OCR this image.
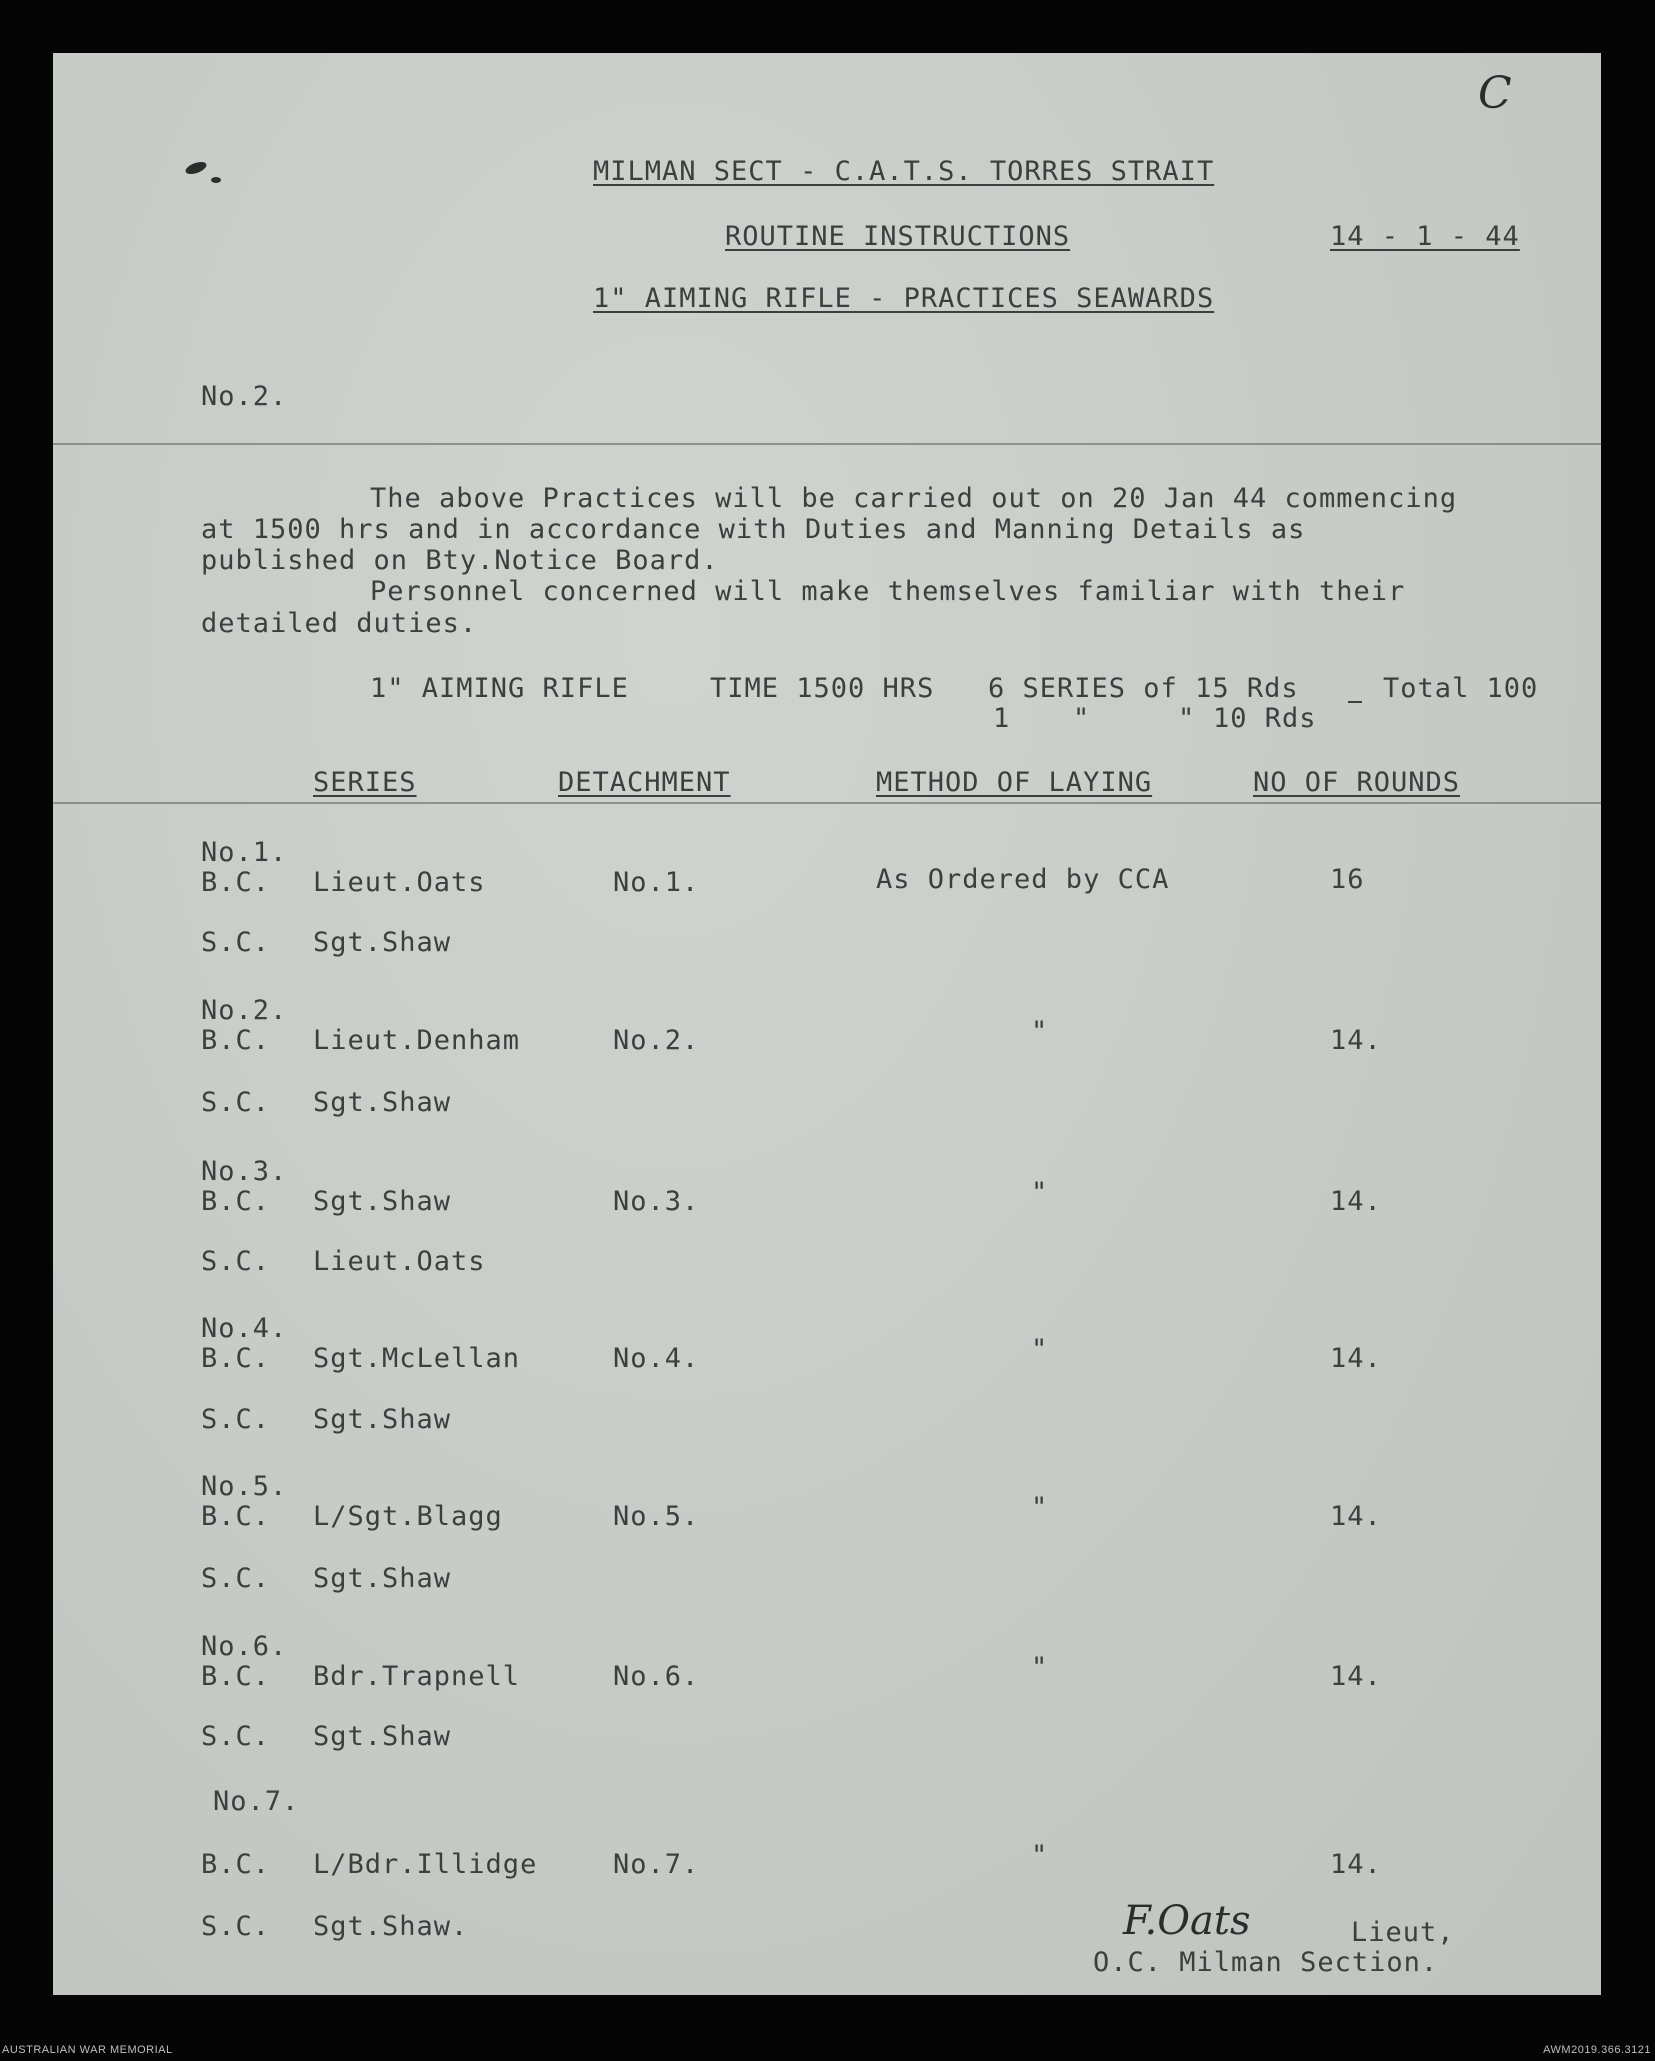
C
MILMAN SECT - C.A.T.S. TORRES STRAIT
ROUTINE INSTRUCTIONS	14 - 1 - 44
1" AIMING RIFLE - PRACTICES SEAWARDS
No.2.
The above Practices will be carried out on 20 Jan 44 commencing
at 1500 hrs and in accordance with Duties and Manning Details as
published on Bty.Notice Board.
Personnel concerned will make themselves familiar with their
detailed duties.
1" AIMING RIFLE	TIME 1500 HRS 6 SERIES of 15 Rds	Total 100
1 "	" 10 Rds
SERIES	DETACHMENT	METHOD OF LAYING	NO OF ROUNDS
No.1.
B.C. Lieut.Oats	No.1.	As Ordered by CCA	16
S.C. Sgt.Shaw
No.2.
B.C. Lieut.Denham	No.2.	"	14.
S.C. Sgt.Shaw
No.3.
B.C. Sgt.Shaw	No.3.	"	14.
S.C. Lieut.Oats
No.4.
B.C. Sgt.McLellan	No.4.	"	14.
S.C. Sgt.Shaw
No.5.
B.C. L/Sgt.Blagg	No.5.	"	14.
S.C. Sgt.Shaw
No.6.
B.C. Bdr.Trapnell	No.6.	"	14.
S.C. Sgt.Shaw
No.7.
B.C. L/Bdr.Illidge	No.7.	"	14.
S.C. Sgt.Shaw.	F.Oats	Lieut,
O.C. Milman Section.
AUSTRALIAN WAR MEMORIAL	AWM2019.366.3121
